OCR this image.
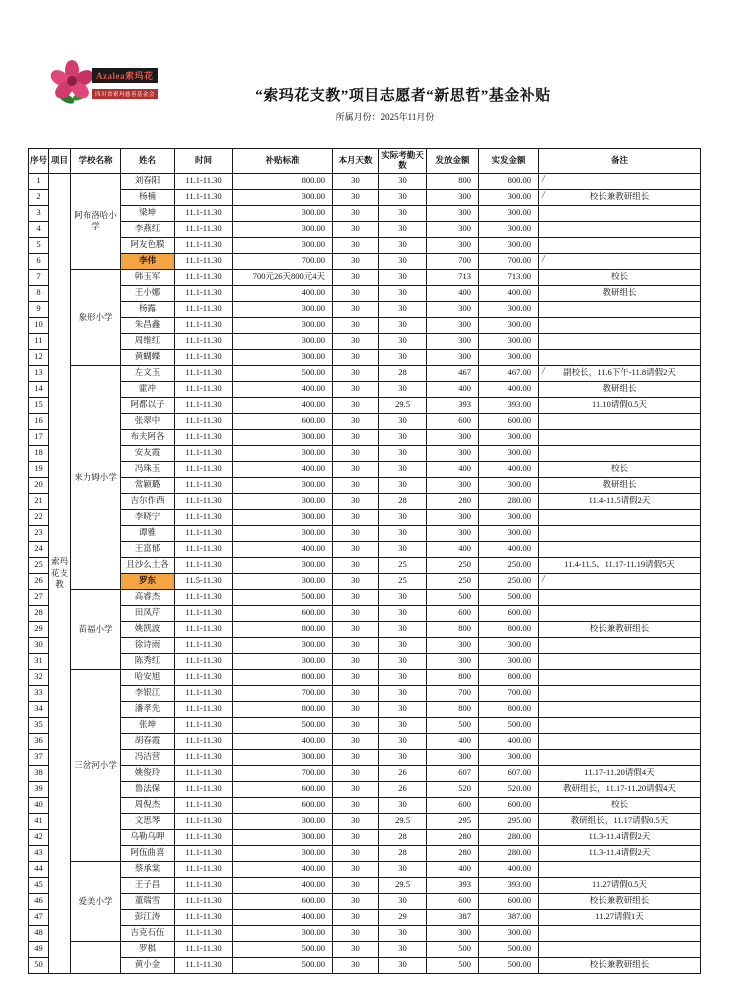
Azalea索玛花
四川省索玛慈善基金会	“索玛花支教”项目志愿者“新思哲”基金补贴
所属月份：2025年11月份
序号	项目	学校名称	姓名	时间	补贴标准	本月天数	实际考勤天数	发放金额	实发金额	备注
1	索玛花支教	阿布洛哈小学	刘春阳	11.1-11.30	800.00	30	30	800	800.00	/

2			杨楠	11.1-11.30	300.00	30	30	300	300.00	/ 校长兼教研组长
3			梁坤	11.1-11.30	300.00	30	30	300	300.00	
4			李燕红	11.1-11.30	300.00	30	30	300	300.00	
5			阿友色膜	11.1-11.30	300.00	30	30	300	300.00	
6			李伟	11.1-11.30	700.00	30	30	700	700.00	/

7		象形小学	韩玉军	11.1-11.30	700元26天800元4天	30	30	713	713.00	校长
8			王小娜	11.1-11.30	400.00	30	30	400	400.00	教研组长
9			杨露	11.1-11.30	300.00	30	30	300	300.00	
10			朱昌鑫	11.1-11.30	300.00	30	30	300	300.00	
11			周维红	11.1-11.30	300.00	30	30	300	300.00	
12			黄蝴蝶	11.1-11.30	300.00	30	30	300	300.00	
13		来力姆小学	左文玉	11.1-11.30	500.00	30	28	467	467.00	/ 副校长，11.6下午-11.8请假2天
14			霍冲	11.1-11.30	400.00	30	30	400	400.00	教研组长
15			阿都以子	11.1-11.30	400.00	30	29.5	393	393.00	11.10请假0.5天
16			张翠中	11.1-11.30	600.00	30	30	600	600.00	
17			布夫阿各	11.1-11.30	300.00	30	30	300	300.00	
18			安友霞	11.1-11.30	300.00	30	30	300	300.00	
19			冯珠玉	11.1-11.30	400.00	30	30	400	400.00	校长
20			常颖璐	11.1-11.30	300.00	30	30	300	300.00	教研组长
21			吉尔作西	11.1-11.30	300.00	30	28	280	280.00	11.4-11.5请假2天
22			李晓宁	11.1-11.30	300.00	30	30	300	300.00	
23			谭雅	11.1-11.30	300.00	30	30	300	300.00	
24			王富郁	11.1-11.30	400.00	30	30	400	400.00	
25			且沙么土各	11.1-11.30	300.00	30	25	250	250.00	11.4-11.5、11.17-11.19请假5天
26			罗东	11.5-11.30	300.00	30	25	250	250.00	/

27		苗福小学	高睿杰	11.1-11.30	500.00	30	30	500	500.00	
28			田凤芹	11.1-11.30	600.00	30	30	600	600.00	
29			姚凯波	11.1-11.30	800.00	30	30	800	800.00	校长兼教研组长
30			徐诗雨	11.1-11.30	300.00	30	30	300	300.00	
31			陈秀红	11.1-11.30	300.00	30	30	300	300.00	
32		三岔河小学	哈安旭	11.1-11.30	800.00	30	30	800	800.00	
33			李银江	11.1-11.30	700.00	30	30	700	700.00	
34			潘孝先	11.1-11.30	800.00	30	30	800	800.00	
35			张坤	11.1-11.30	500.00	30	30	500	500.00	
36			胡春霞	11.1-11.30	400.00	30	30	400	400.00	
37			冯洁营	11.1-11.30	300.00	30	30	300	300.00	
38			姚俊玲	11.1-11.30	700.00	30	26	607	607.00	11.17-11.20请假4天
39			鲁法保	11.1-11.30	600.00	30	26	520	520.00	教研组长，11.17-11.20请假4天
40			周倪杰	11.1-11.30	600.00	30	30	600	600.00	校长
41			文思琴	11.1-11.30	300.00	30	29.5	295	295.00	教研组长，11.17请假0.5天
42			乌勒乌呷	11.1-11.30	300.00	30	28	280	280.00	11.3-11.4请假2天
43			阿伍曲喜	11.1-11.30	300.00	30	28	280	280.00	11.3-11.4请假2天
44		爱美小学	蔡承棠	11.1-11.30	400.00	30	30	400	400.00	
45			王子昌	11.1-11.30	400.00	30	29.5	393	393.00	11.27请假0.5天
46			董瑞雪	11.1-11.30	600.00	30	30	600	600.00	校长兼教研组长
47			彭江涛	11.1-11.30	400.00	30	29	387	387.00	11.27请假1天
48			吉克石伍	11.1-11.30	300.00	30	30	300	300.00	
49			罗棋	11.1-11.30	500.00	30	30	500	500.00	
50			黄小金	11.1-11.30	500.00	30	30	500	500.00	校长兼教研组长
